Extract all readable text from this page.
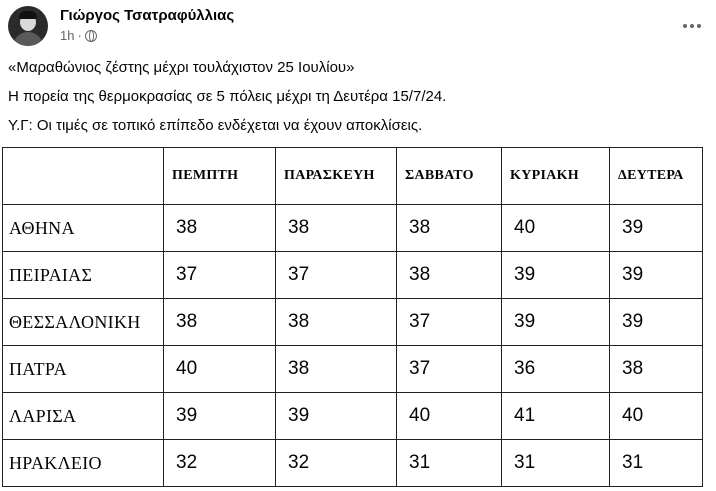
Γιώργος Τσατραφύλλιας
1h ·
«Μαραθώνιος ζέστης μέχρι τουλάχιστον 25 Ιουλίου»
Η πορεία της θερμοκρασίας σε 5 πόλεις μέχρι τη Δευτέρα 15/7/24.
Υ.Γ: Οι τιμές σε τοπικό επίπεδο ενδέχεται να έχουν αποκλίσεις.
	ΠΕΜΠΤΗ	ΠΑΡΑΣΚΕΥΗ	ΣΑΒΒΑΤΟ	ΚΥΡΙΑΚΗ	ΔΕΥΤΕΡΑ
ΑΘΗΝΑ	38	38	38	40	39
ΠΕΙΡΑΙΑΣ	37	37	38	39	39
ΘΕΣΣΑΛΟΝΙΚΗ	38	38	37	39	39
ΠΑΤΡΑ	40	38	37	36	38
ΛΑΡΙΣΑ	39	39	40	41	40
ΗΡΑΚΛΕΙΟ	32	32	31	31	31
